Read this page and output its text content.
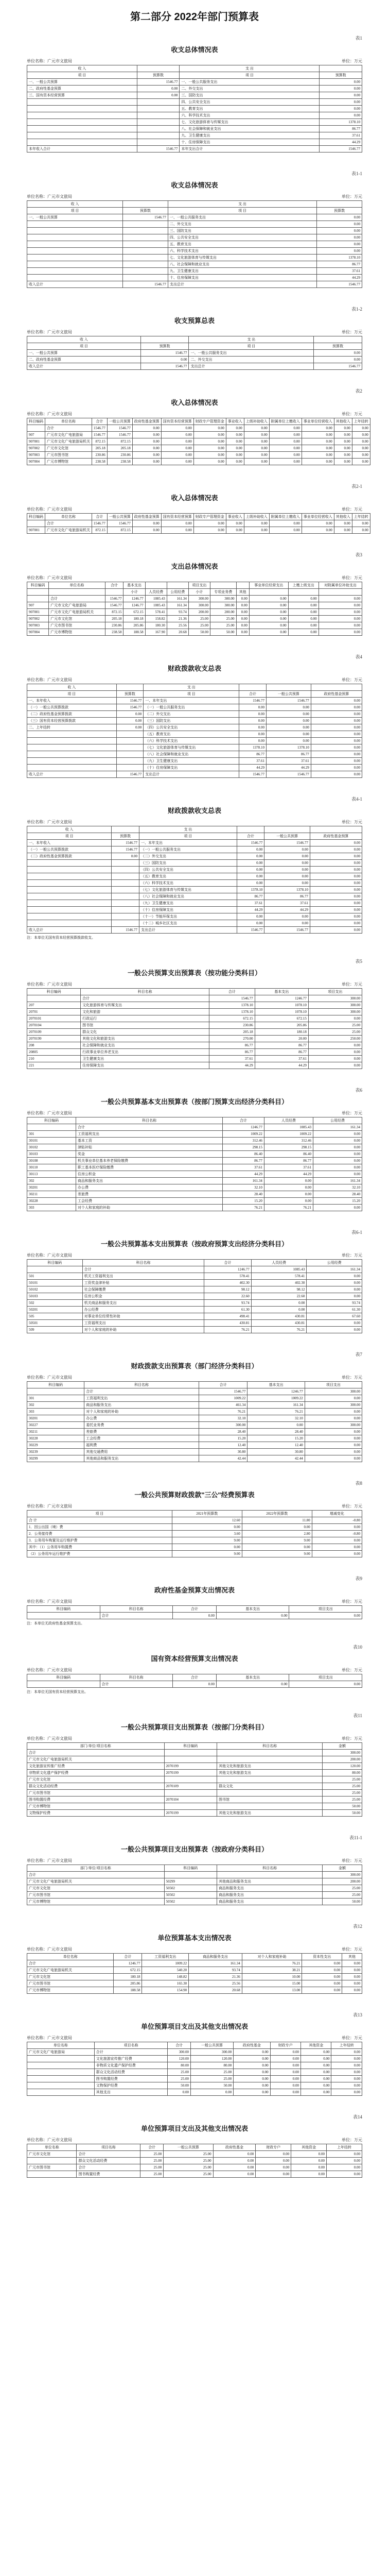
第二部分 2022年部门预算表
表1
收支总体情况表
单位名称：广元市文旅局	单位：万元
收 入		支 出	
项 目	预算数	项 目	预算数
一、一般公共预算	1546.77	一、一般公共服务支出	0.00
二、政府性基金预算	0.00	二、外交支出	0.00
三、国有资本经营预算	0.00	三、国防支出	0.00
		四、公共安全支出	0.00
		五、教育支出	0.00
		六、科学技术支出	0.00
		七、文化旅游体育与传媒支出	1378.10
		八、社会保障和就业支出	86.77
		九、卫生健康支出	37.61
		十、住房保障支出	44.29
本年收入合计	1546.77	本年支出合计	1546.77
表1-1
收支总体情况表
单位名称：广元市文旅局	单位：万元
收 入		支 出	
项 目	预算数	项 目	预算数
一、一般公共预算	1546.77	一、一般公共服务支出	0.00
		二、外交支出	0.00
		三、国防支出	0.00
		四、公共安全支出	0.00
		五、教育支出	0.00
		六、科学技术支出	0.00
		七、文化旅游体育与传媒支出	1378.10
		八、社会保障和就业支出	86.77
		九、卫生健康支出	37.61
		十、住房保障支出	44.29
收入总计	1546.77	支出总计	1546.77
表1-2
收支预算总表
单位名称：广元市文旅局	单位：万元
收 入		支 出	
项 目	预算数	项 目	预算数
一、一般公共预算	1546.77	一、一般公共服务支出	0.00
二、政府性基金预算	0.00	二、外交支出	0.00
收入总计	1546.77	支出总计	1546.77
表2
收入总体情况表
单位名称：广元市文旅局	单位：万元
科目编码	单位名称	合计	一般公共预算	政府性基金预算	国有资本经营预算	财政专户管理资金	事业收入	上级补助收入	附属单位上缴收入	事业单位经营收入	其他收入	上年结转
	合计	1546.77	1546.77	0.00	0.00	0.00	0.00	0.00	0.00	0.00	0.00	0.00
907	广元市文化广电旅游局	1546.77	1546.77	0.00	0.00	0.00	0.00	0.00	0.00	0.00	0.00	0.00
907001	广元市文化广电旅游局机关	872.15	872.15	0.00	0.00	0.00	0.00	0.00	0.00	0.00	0.00	0.00
907002	广元市文化馆	205.18	205.18	0.00	0.00	0.00	0.00	0.00	0.00	0.00	0.00	0.00
907003	广元市图书馆	230.86	230.86	0.00	0.00	0.00	0.00	0.00	0.00	0.00	0.00	0.00
907004	广元市博物馆	238.58	238.58	0.00	0.00	0.00	0.00	0.00	0.00	0.00	0.00	0.00
表2-1
收入总体情况表
单位名称：广元市文旅局	单位：万元
科目编码	单位名称	合计	一般公共预算	政府性基金预算	国有资本经营预算	财政专户管理资金	事业收入	上级补助收入	附属单位上缴收入	事业单位经营收入	其他收入	上年结转
	合计	1546.77	1546.77	0.00	0.00	0.00	0.00	0.00	0.00	0.00	0.00	0.00
907001	广元市文化广电旅游局机关	872.15	872.15	0.00	0.00	0.00	0.00	0.00	0.00	0.00	0.00	0.00
表3
支出总体情况表
单位名称：广元市文旅局	单位：万元
科目编码	单位名称	合计	基本支出			项目支出			事业单位经营支出	上缴上级支出	对附属单位补助支出
			小计	人员经费	公用经费	小计	专项业务费	其他			
	合计	1546.77	1246.77	1085.43	161.34	300.00	300.00	0.00	0.00	0.00	0.00
907	广元市文化广电旅游局	1546.77	1246.77	1085.43	161.34	300.00	300.00	0.00	0.00	0.00	0.00
907001	广元市文化广电旅游局机关	872.15	672.15	578.41	93.74	200.00	200.00	0.00	0.00	0.00	0.00
907002	广元市文化馆	205.18	180.18	158.82	21.36	25.00	25.00	0.00	0.00	0.00	0.00
907003	广元市图书馆	230.86	205.86	180.30	25.56	25.00	25.00	0.00	0.00	0.00	0.00
907004	广元市博物馆	238.58	188.58	167.90	20.68	50.00	50.00	0.00	0.00	0.00	0.00
表4
财政拨款收支总表
单位名称：广元市文旅局	单位：万元
收 入		支 出			
项 目	预算数	项 目	合计	一般公共预算	政府性基金预算
一、本年收入	1546.77	一、本年支出	1546.77	1546.77	0.00
（一）一般公共预算拨款	1546.77	（一）一般公共服务支出	0.00	0.00	0.00
（二）政府性基金预算拨款	0.00	（二）外交支出	0.00	0.00	0.00
（三）国有资本经营预算拨款	0.00	（三）国防支出	0.00	0.00	0.00
二、上年结转	0.00	（四）公共安全支出	0.00	0.00	0.00
		（五）教育支出	0.00	0.00	0.00
		（六）科学技术支出	0.00	0.00	0.00
		（七）文化旅游体育与传媒支出	1378.10	1378.10	0.00
		（八）社会保障和就业支出	86.77	86.77	0.00
		（九）卫生健康支出	37.61	37.61	0.00
		（十）住房保障支出	44.29	44.29	0.00
收入总计	1546.77	支出总计	1546.77	1546.77	0.00
表4-1
财政拨款收支总表
单位名称：广元市文旅局	单位：万元
收 入		支 出			
项 目	预算数	项 目	合计	一般公共预算	政府性基金预算
一、本年收入	1546.77	一、本年支出	1546.77	1546.77	0.00
（一）一般公共预算拨款	1546.77	（一）一般公共服务支出	0.00	0.00	0.00
（二）政府性基金预算拨款	0.00	（二）外交支出	0.00	0.00	0.00
		（三）国防支出	0.00	0.00	0.00
		（四）公共安全支出	0.00	0.00	0.00
		（五）教育支出	0.00	0.00	0.00
		（六）科学技术支出	0.00	0.00	0.00
		（七）文化旅游体育与传媒支出	1378.10	1378.10	0.00
		（八）社会保障和就业支出	86.77	86.77	0.00
		（九）卫生健康支出	37.61	37.61	0.00
		（十）住房保障支出	44.29	44.29	0.00
		（十一）节能环保支出	0.00	0.00	0.00
		（十二）城乡社区支出	0.00	0.00	0.00
收入总计	1546.77	支出总计	1546.77	1546.77	0.00
注：本单位无国有资本经营预算拨款收支。
表5
一般公共预算支出预算表（按功能分类科目）
单位名称：广元市文旅局	单位：万元
科目编码	科目名称	合计	基本支出	项目支出
	合计	1546.77	1246.77	300.00
207	文化旅游体育与传媒支出	1378.10	1078.10	300.00
20701	文化和旅游	1378.10	1078.10	300.00
2070101	行政运行	672.15	672.15	0.00
2070104	图书馆	230.86	205.86	25.00
2070109	群众文化	205.18	180.18	25.00
2070199	其他文化和旅游支出	270.00	20.00	250.00
208	社会保障和就业支出	86.77	86.77	0.00
20805	行政事业单位养老支出	86.77	86.77	0.00
210	卫生健康支出	37.61	37.61	0.00
221	住房保障支出	44.29	44.29	0.00
表6
一般公共预算基本支出预算表（按部门预算支出经济分类科目）
单位名称：广元市文旅局	单位：万元
科目编码	科目名称	合计	人员经费	公用经费
	合计	1246.77	1085.43	161.34
301	工资福利支出	1009.22	1009.22	0.00
30101	基本工资	312.46	312.46	0.00
30102	津贴补贴	298.15	298.15	0.00
30103	奖金	86.40	86.40	0.00
30108	机关事业单位基本养老保险缴费	86.77	86.77	0.00
30110	职工基本医疗保险缴费	37.61	37.61	0.00
30113	住房公积金	44.29	44.29	0.00
302	商品和服务支出	161.34	0.00	161.34
30201	办公费	32.10	0.00	32.10
30211	差旅费	28.40	0.00	28.40
30228	工会经费	15.20	0.00	15.20
303	对个人和家庭的补助	76.21	76.21	0.00
表6-1
一般公共预算基本支出预算表（按政府预算支出经济分类科目）
单位名称：广元市文旅局	单位：万元
科目编码	科目名称	合计	人员经费	公用经费
	合计	1246.77	1085.43	161.34
501	机关工资福利支出	578.41	578.41	0.00
50101	工资奖金津补贴	402.30	402.30	0.00
50102	社会保障缴费	98.12	98.12	0.00
50103	住房公积金	22.60	22.60	0.00
502	机关商品和服务支出	93.74	0.00	93.74
50201	办公经费	61.30	0.00	61.30
505	对事业单位经常性补助	498.41	430.81	67.60
50501	工资福利支出	430.81	430.81	0.00
509	对个人和家庭的补助	76.21	76.21	0.00
表7
财政拨款支出预算表（部门经济分类科目）
单位名称：广元市文旅局	单位：万元
科目编码	科目名称	合计	基本支出	项目支出
	合计	1546.77	1246.77	300.00
301	工资福利支出	1009.22	1009.22	0.00
302	商品和服务支出	461.34	161.34	300.00
303	对个人和家庭的补助	76.21	76.21	0.00
30201	办公费	32.10	32.10	0.00
30227	委托业务费	300.00	0.00	300.00
30211	差旅费	28.40	28.40	0.00
30228	工会经费	15.20	15.20	0.00
30229	福利费	12.40	12.40	0.00
30239	其他交通费用	30.80	30.80	0.00
30299	其他商品和服务支出	42.44	42.44	0.00
表8
一般公共预算财政拨款"三公"经费预算表
单位名称：广元市文旅局	单位：万元
项 目	2021年预算数	2022年预算数	增减变化
合 计	12.60	11.80	-0.80
1．因公出国（境）费	0.00	0.00	0.00
2．公务接待费	3.60	2.80	-0.80
3．公务用车购置及运行维护费	9.00	9.00	0.00
其中：（1）公务用车购置费	0.00	0.00	0.00
（2）公务用车运行维护费	9.00	9.00	0.00
表9
政府性基金预算支出情况表
单位名称：广元市文旅局	单位：万元
科目编码	科目名称	合计	基本支出	项目支出
	合计	0.00	0.00	0.00
注：本单位无政府性基金预算支出。
表10
国有资本经营预算支出情况表
单位名称：广元市文旅局	单位：万元
科目编码	科目名称	合计	基本支出	项目支出
	合计	0.00	0.00	0.00
注：本单位无国有资本经营预算支出。
表11
一般公共预算项目支出预算表（按部门分类科目）
单位名称：广元市文旅局	单位：万元
部门/单位/项目名称	科目编码	科目名称	金额
合计			300.00
广元市文化广电旅游局机关			200.00
文化旅游宣传推广经费	2070199	其他文化和旅游支出	120.00
非物质文化遗产保护经费	2070199	其他文化和旅游支出	80.00
广元市文化馆			25.00
群众文化活动经费	2070109	群众文化	25.00
广元市图书馆			25.00
图书购置经费	2070104	图书馆	25.00
广元市博物馆			50.00
文物保护经费	2070199	其他文化和旅游支出	50.00
表11-1
一般公共预算项目支出预算表（按政府分类科目）
单位名称：广元市文旅局	单位：万元
部门/单位/项目名称	科目编码	科目名称	金额
合计			300.00
广元市文化广电旅游局机关	50299	其他商品和服务支出	200.00
广元市文化馆	50502	商品和服务支出	25.00
广元市图书馆	50502	商品和服务支出	25.00
广元市博物馆	50502	商品和服务支出	50.00
表12
单位预算基本支出情况表
单位名称：广元市文旅局	单位：万元
单位名称	合计	工资福利支出	商品和服务支出	对个人和家庭补助	资本性支出	其他
合计	1246.77	1009.22	161.34	76.21	0.00	0.00
广元市文化广电旅游局机关	672.15	540.20	93.74	38.21	0.00	0.00
广元市文化馆	180.18	148.82	21.36	10.00	0.00	0.00
广元市图书馆	205.86	165.30	25.56	15.00	0.00	0.00
广元市博物馆	188.58	154.90	20.68	13.00	0.00	0.00
表13
单位预算项目支出及其他支出情况表
单位名称：广元市文旅局	单位：万元
单位名称	项目名称	合计	一般公共预算	政府性基金	财政专户	其他资金	上年结转
广元市文化广电旅游局	合计	300.00	300.00	0.00	0.00	0.00	0.00
	文化旅游宣传推广经费	120.00	120.00	0.00	0.00	0.00	0.00
	非物质文化遗产保护经费	80.00	80.00	0.00	0.00	0.00	0.00
	群众文化活动经费	25.00	25.00	0.00	0.00	0.00	0.00
	图书购置经费	25.00	25.00	0.00	0.00	0.00	0.00
	文物保护经费	50.00	50.00	0.00	0.00	0.00	0.00
	其他支出	0.00	0.00	0.00	0.00	0.00	0.00
表14
单位预算项目支出及其他支出情况表
单位名称：广元市文旅局	单位：万元
单位名称	项目名称	合计	一般公共预算	政府性基金	财政专户	其他资金	上年结转
广元市文化馆	合计	25.00	25.00	0.00	0.00	0.00	0.00
	群众文化活动经费	25.00	25.00	0.00	0.00	0.00	0.00
广元市图书馆	合计	25.00	25.00	0.00	0.00	0.00	0.00
	图书购置经费	25.00	25.00	0.00	0.00	0.00	0.00
